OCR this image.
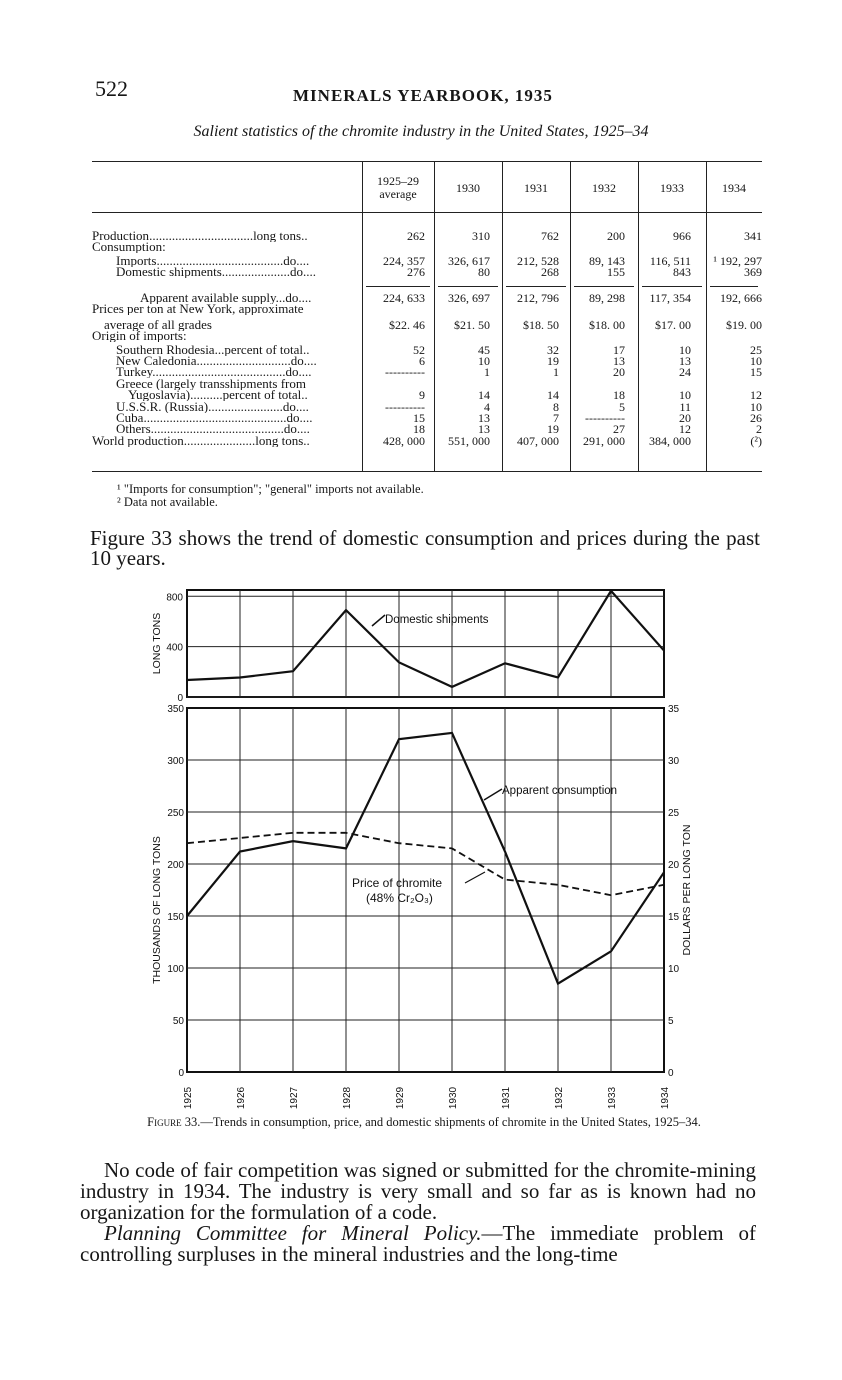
522	MINERALS YEARBOOK, 1935
Salient statistics of the chromite industry in the United States, 1925–34
1925–29
average	1930	1931	1932	1933	1934
Production................................long tons..	262	310	762	200	966	341
Consumption:
Imports.......................................do....	224, 357	326, 617	212, 528	89, 143	116, 511	¹ 192, 297
Domestic shipments.....................do....	276	80	268	155	843	369
Apparent available supply...do....	224, 633	326, 697	212, 796	89, 298	117, 354	192, 666
Prices per ton at New York, approximate
average of all grades	$22. 46	$21. 50	$18. 50	$18. 00	$17. 00	$19. 00
Origin of imports:
Southern Rhodesia...percent of total..	52	45	32	17	10	25
New Caledonia.............................do....	6	10	19	13	13	10
Turkey.........................................do....	----------	1	1	20	24	15
Greece (largely transshipments from
Yugoslavia)..........percent of total..	9	14	14	18	10	12
U.S.S.R. (Russia).......................do....	----------	4	8	5	11	10
Cuba............................................do....	15	13	7	----------	20	26
Others.........................................do....	18	13	19	27	12	2
World production......................long tons..	428, 000	551, 000	407, 000	291, 000	384, 000	(²)
¹ "Imports for consumption"; "general" imports not available.
² Data not available.
Figure 33 shows the trend of domestic consumption and prices during the past 10 years.
800
400
0
LONG TONS	Domestic shipments
350
300
250
200
150
100
50
0
35
30
25
20
15
10
5
0
THOUSANDS OF LONG TONS	DOLLARS PER LONG TON
Apparent consumption
Price of chromite
(48% Cr₂O₃)
1925	1926	1927	1928	1929	1930	1931	1932	1933	1934
Figure 33.—Trends in consumption, price, and domestic shipments of chromite in the United States, 1925–34.
No code of fair competition was signed or submitted for the chromite-mining industry in 1934. The industry is very small and so far as is known had no organization for the formulation of a code.
Planning Committee for Mineral Policy.—The immediate problem of controlling surpluses in the mineral industries and the long-time
